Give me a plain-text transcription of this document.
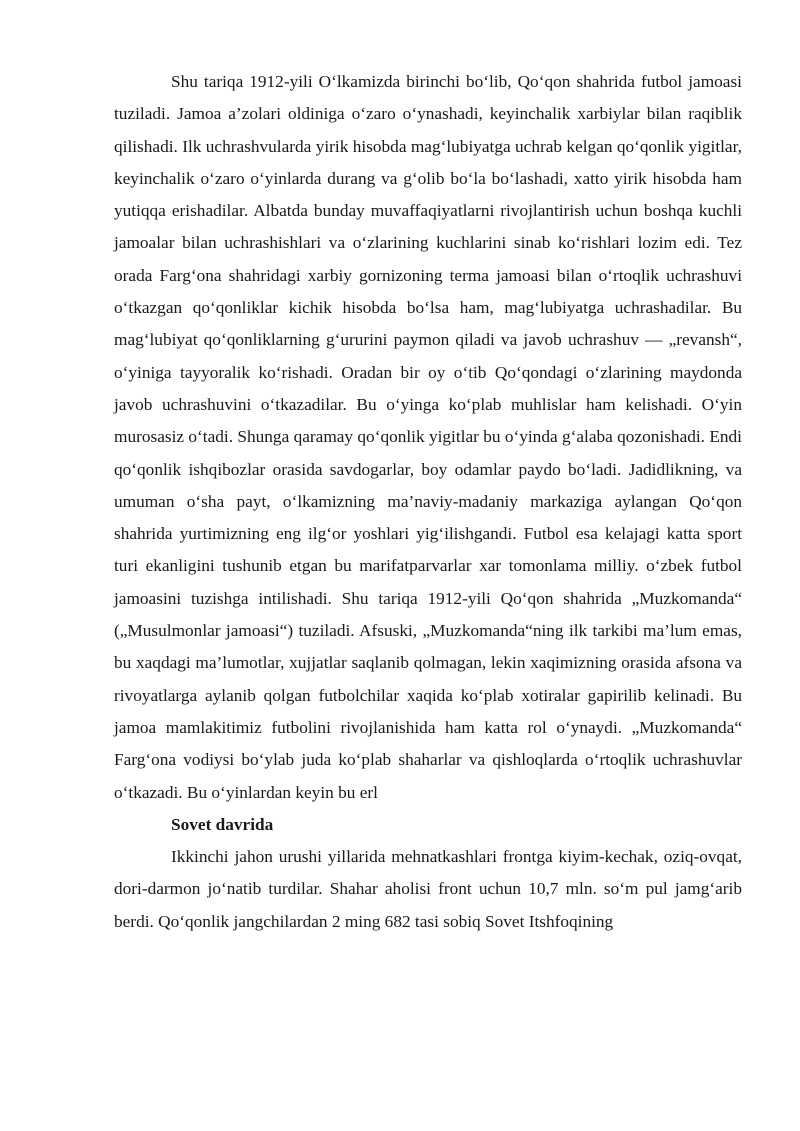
Shu tariqa 1912-yili O‘lkamizda birinchi bo‘lib, Qo‘qon shahrida futbol jamoasi tuziladi. Jamoa a’zolari oldiniga o‘zaro o‘ynashadi, keyinchalik xarbiylar bilan raqiblik qilishadi. Ilk uchrashvularda yirik hisobda mag‘lubiyatga uchrab kelgan qo‘qonlik yigitlar, keyinchalik o‘zaro o‘yinlarda durang va g‘olib bo‘la bo‘lashadi, xatto yirik hisobda ham yutiqqa erishadilar. Albatda bunday muvaffaqiyatlarni rivojlantirish uchun boshqa kuchli jamoalar bilan uchrashishlari va o‘zlarining kuchlarini sinab ko‘rishlari lozim edi. Tez orada Farg‘ona shahridagi xarbiy gornizoning terma jamoasi bilan o‘rtoqlik uchrashuvi o‘tkazgan qo‘qonliklar kichik hisobda bo‘lsa ham, mag‘lubiyatga uchrashadilar. Bu mag‘lubiyat qo‘qonliklarning g‘ururini paymon qiladi va javob uchrashuv — „revansh“, o‘yiniga tayyoralik ko‘rishadi. Oradan bir oy o‘tib Qo‘qondagi o‘zlarining maydonda javob uchrashuvini o‘tkazadilar. Bu o‘yinga ko‘plab muhlislar ham kelishadi. O‘yin murosasiz o‘tadi. Shunga qaramay qo‘qonlik yigitlar bu o‘yinda g‘alaba qozonishadi. Endi qo‘qonlik ishqibozlar orasida savdogarlar, boy odamlar paydo bo‘ladi. Jadidlikning, va umuman o‘sha payt, o‘lkamizning ma’naviy-madaniy markaziga aylangan Qo‘qon shahrida yurtimizning eng ilg‘or yoshlari yig‘ilishgandi. Futbol esa kelajagi katta sport turi ekanligini tushunib etgan bu marifatparvarlar xar tomonlama milliy. o‘zbek futbol jamoasini tuzishga intilishadi. Shu tariqa 1912-yili Qo‘qon shahrida „Muzkomanda“ („Musulmonlar jamoasi“) tuziladi. Afsuski, „Muzkomanda“ning ilk tarkibi ma’lum emas, bu xaqdagi ma’lumotlar, xujjatlar saqlanib qolmagan, lekin xaqimizning orasida afsona va rivoyatlarga aylanib qolgan futbolchilar xaqida ko‘plab xotiralar gapirilib kelinadi. Bu jamoa mamlakitimiz futbolini rivojlanishida ham katta rol o‘ynaydi. „Muzkomanda“ Farg‘ona vodiysi bo‘ylab juda ko‘plab shaharlar va qishloqlarda o‘rtoqlik uchrashuvlar o‘tkazadi. Bu o‘yinlardan keyin bu erl

Sovet davrida

Ikkinchi jahon urushi yillarida mehnatkashlari frontga kiyim-kechak, oziq-ovqat, dori-darmon jo‘natib turdilar. Shahar aholisi front uchun 10,7 mln. so‘m pul jamg‘arib berdi. Qo‘qonlik jangchilardan 2 ming 682 tasi sobiq Sovet Itshfoqining
